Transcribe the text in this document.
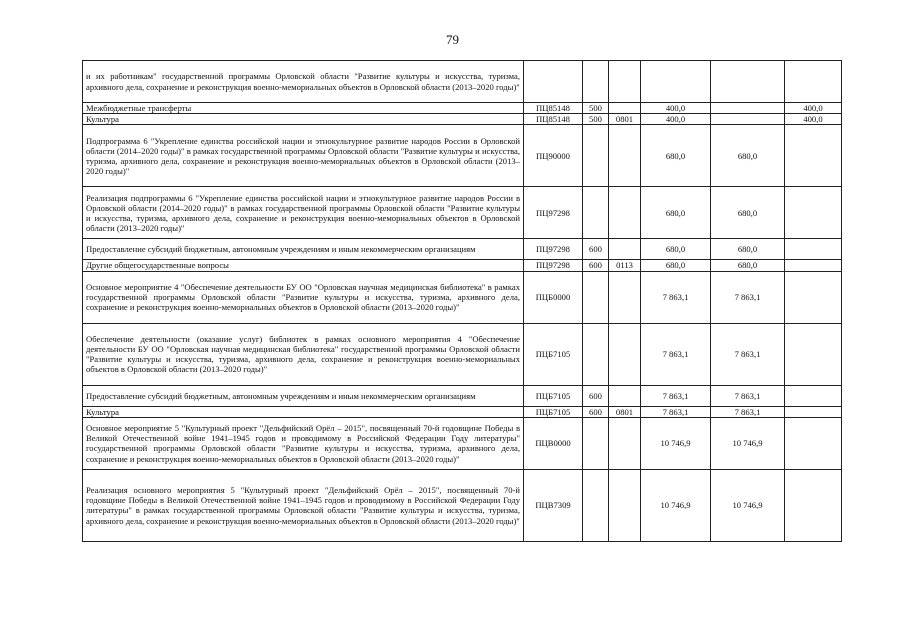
79
и их работникам" государственной программы Орловской области "Развитие культуры и искусства, туризма, архивного дела, сохранение и реконструкция военно-мемориальных объектов в Орловской области (2013–2020 годы)"						
Межбюджетные трансферты	ПЦ85148	500		400,0		400,0
Культура	ПЦ85148	500	0801	400,0		400,0
Подпрограмма 6 "Укрепление единства российской нации и этнокультурное развитие народов России в Орловской области (2014–2020 годы)" в рамках государственной программы Орловской области "Развитие культуры и искусства, туризма, архивного дела, сохранение и реконструкция военно-мемориальных объектов в Орловской области (2013–2020 годы)"	ПЦ90000			680,0	680,0	
Реализация подпрограммы 6 "Укрепление единства российской нации и этнокультурное развитие народов России в Орловской области (2014–2020 годы)" в рамках государственной программы Орловской области "Развитие культуры и искусства, туризма, архивного дела, сохранение и реконструкция военно-мемориальных объектов в Орловской области (2013–2020 годы)"	ПЦ97298			680,0	680,0	
Предоставление субсидий бюджетным, автономным учреждениям и иным некоммерческим организациям	ПЦ97298	600		680,0	680,0	
Другие общегосударственные вопросы	ПЦ97298	600	0113	680,0	680,0	
Основное мероприятие 4 "Обеспечение деятельности БУ ОО "Орловская научная медицинская библиотека" в рамках государственной программы Орловской области "Развитие культуры и искусства, туризма, архивного дела, сохранение и реконструкция военно-мемориальных объектов в Орловской области (2013–2020 годы)"	ПЦБ0000			7 863,1	7 863,1	
Обеспечение деятельности (оказание услуг) библиотек в рамках основного мероприятия 4 "Обеспечение деятельности БУ ОО "Орловская научная медицинская библиотека" государственной программы Орловской области "Развитие культуры и искусства, туризма, архивного дела, сохранение и реконструкция военно-мемориальных объектов в Орловской области (2013–2020 годы)"	ПЦБ7105			7 863,1	7 863,1	
Предоставление субсидий бюджетным, автономным учреждениям и иным некоммерческим организациям	ПЦБ7105	600		7 863,1	7 863,1	
Культура	ПЦБ7105	600	0801	7 863,1	7 863,1	
Основное мероприятие 5 "Культурный проект "Дельфийский Орёл – 2015", посвященный 70-й годовщине Победы в Великой Отечественной войне 1941–1945 годов и проводимому в Российской Федерации Году литературы" государственной программы Орловской области "Развитие культуры и искусства, туризма, архивного дела, сохранение и реконструкция военно-мемориальных объектов в Орловской области (2013–2020 годы)"	ПЦВ0000			10 746,9	10 746,9	
Реализация основного мероприятия 5 "Культурный проект "Дельфийский Орёл – 2015", посвященный 70-й годовщине Победы в Великой Отечественной войне 1941–1945 годов и проводимому в Российской Федерации Году литературы" в рамках государственной программы Орловской области "Развитие культуры и искусства, туризма, архивного дела, сохранение и реконструкция военно-мемориальных объектов в Орловской области (2013–2020 годы)"	ПЦВ7309			10 746,9	10 746,9	
